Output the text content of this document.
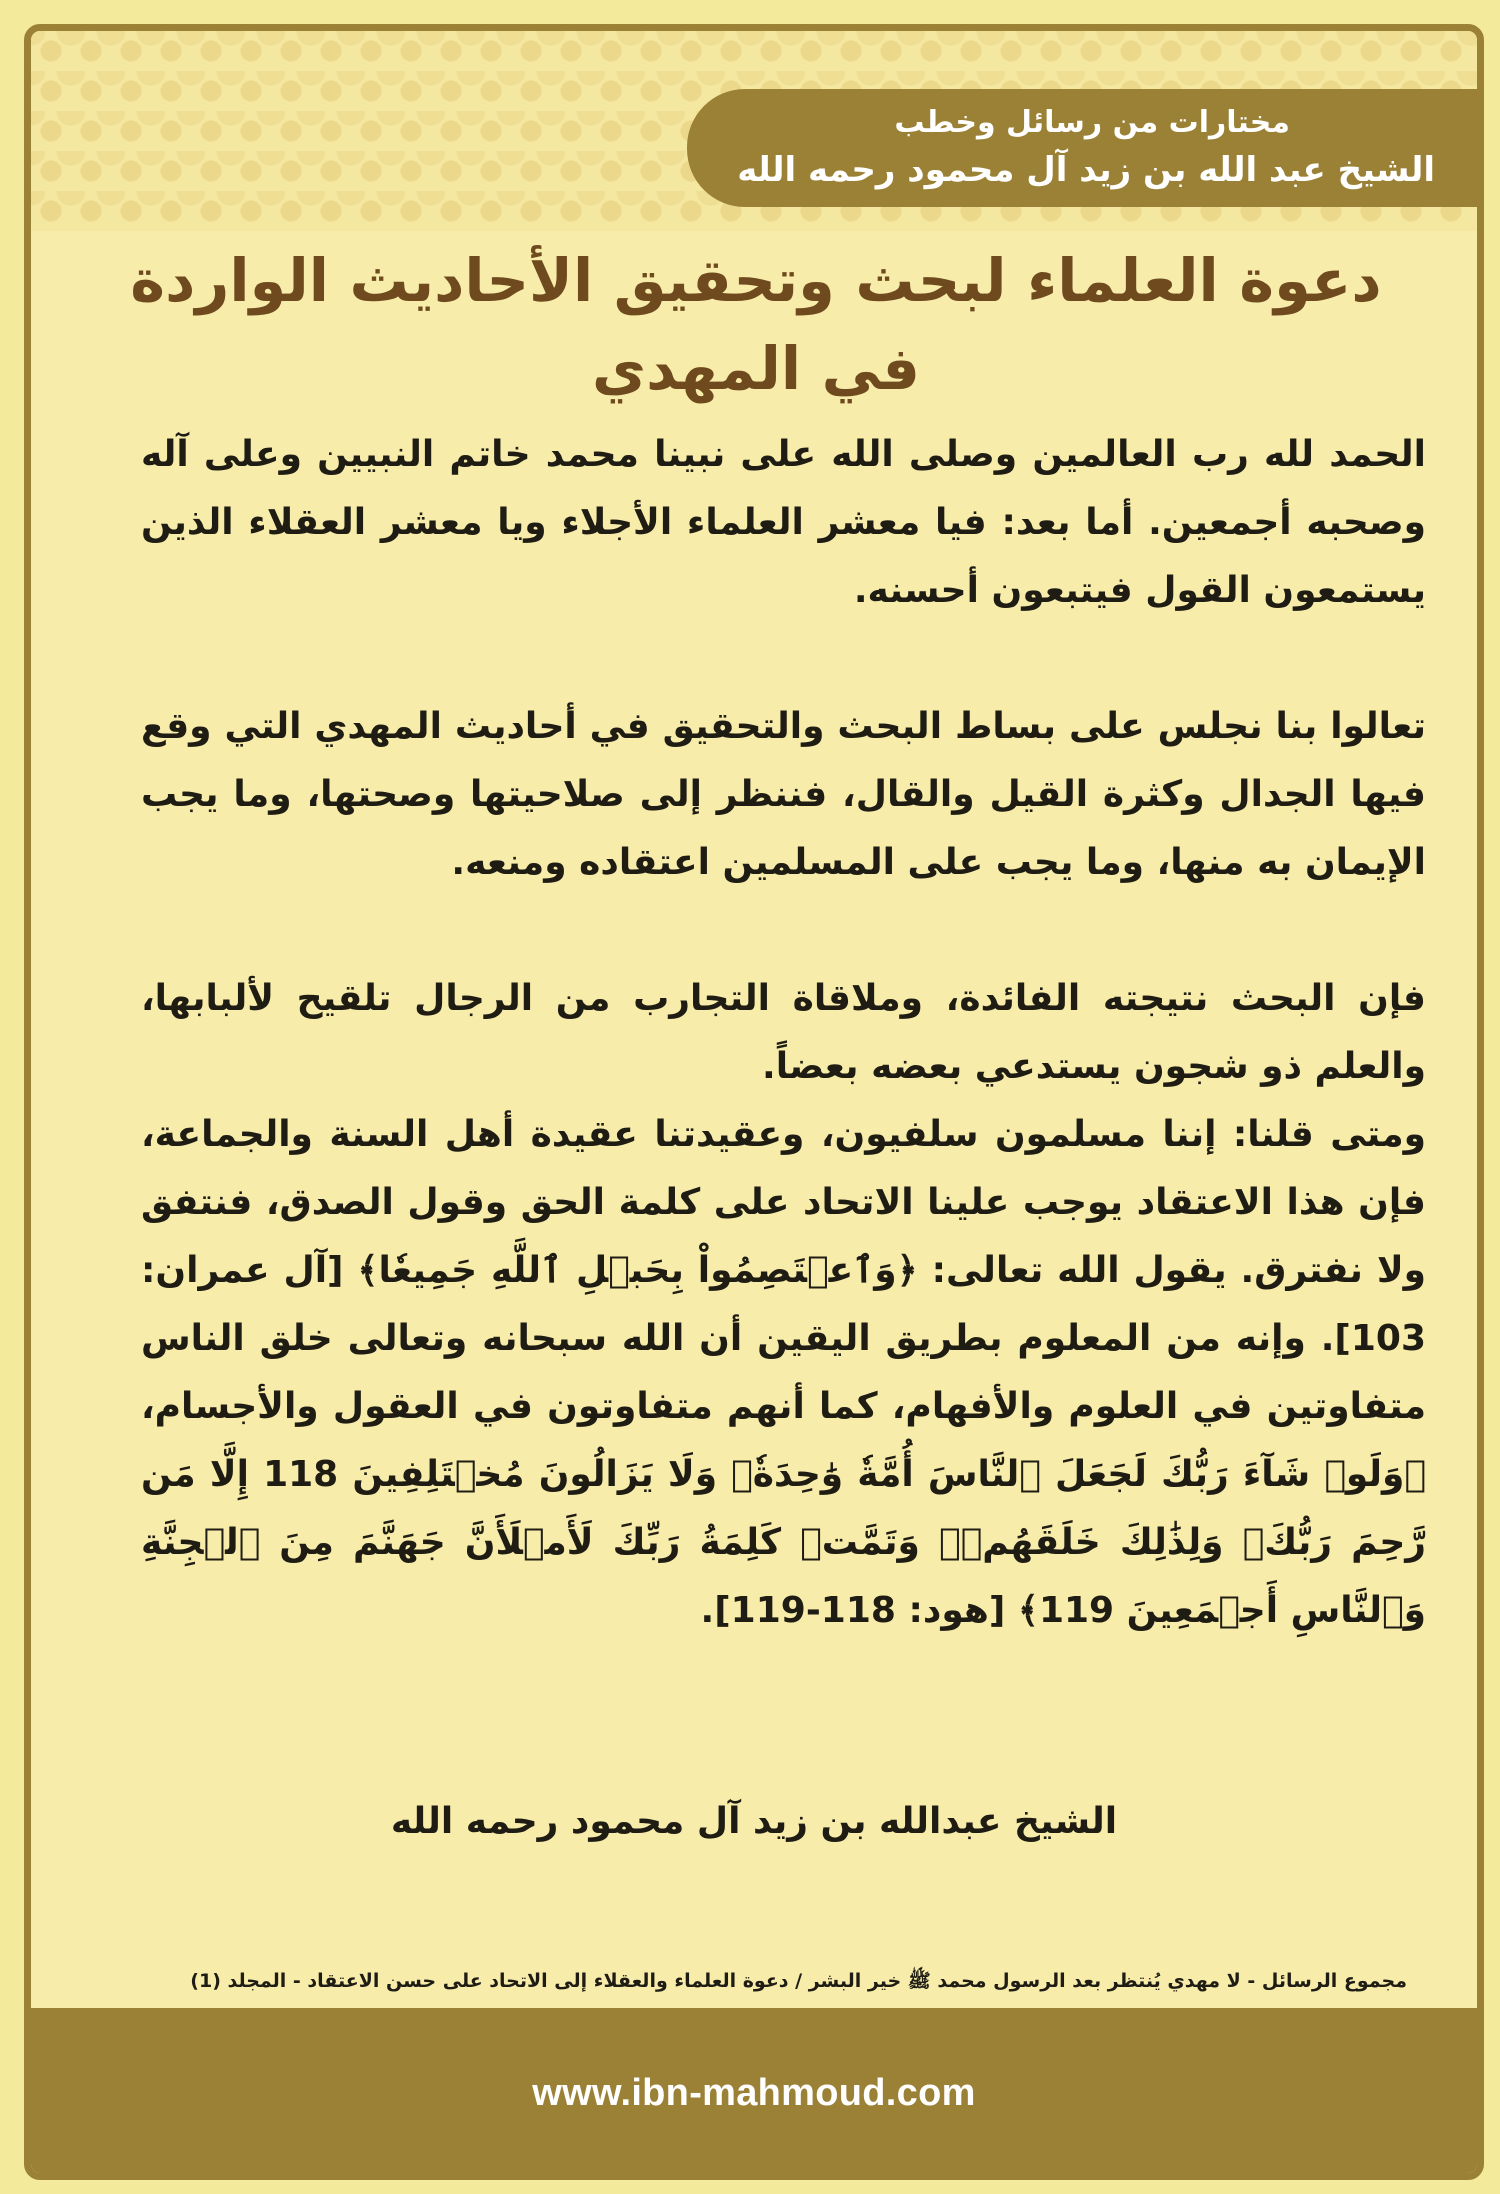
مختارات من رسائل وخطب
الشيخ عبد الله بن زيد آل محمود رحمه الله
دعوة العلماء لبحث وتحقيق الأحاديث الواردة في المهدي

الحمد لله رب العالمين وصلى الله على نبينا محمد خاتم النبيين وعلى آله وصحبه أجمعين. أما بعد: فيا معشر العلماء الأجلاء ويا معشر العقلاء الذين يستمعون القول فيتبعون أحسنه.

تعالوا بنا نجلس على بساط البحث والتحقيق في أحاديث المهدي التي وقع فيها الجدال وكثرة القيل والقال، فننظر إلى صلاحيتها وصحتها، وما يجب الإيمان به منها، وما يجب على المسلمين اعتقاده ومنعه.

فإن البحث نتيجته الفائدة، وملاقاة التجارب من الرجال تلقيح لألبابها، والعلم ذو شجون يستدعي بعضه بعضاً.

ومتى قلنا: إننا مسلمون سلفيون، وعقيدتنا عقيدة أهل السنة والجماعة، فإن هذا الاعتقاد يوجب علينا الاتحاد على كلمة الحق وقول الصدق، فنتفق ولا نفترق. يقول الله تعالى: ﴿وَٱعۡتَصِمُواْ بِحَبۡلِ ٱللَّهِ جَمِيعٗا﴾ [آل عمران: 103]. وإنه من المعلوم بطريق اليقين أن الله سبحانه وتعالى خلق الناس متفاوتين في العلوم والأفهام، كما أنهم متفاوتون في العقول والأجسام، ﴿وَلَوۡ شَآءَ رَبُّكَ لَجَعَلَ ٱلنَّاسَ أُمَّةٗ وَٰحِدَةٗۖ وَلَا يَزَالُونَ مُخۡتَلِفِينَ 118 إِلَّا مَن رَّحِمَ رَبُّكَۚ وَلِذَٰلِكَ خَلَقَهُمۡۗ وَتَمَّتۡ كَلِمَةُ رَبِّكَ لَأَمۡلَأَنَّ جَهَنَّمَ مِنَ ٱلۡجِنَّةِ وَٱلنَّاسِ أَجۡمَعِينَ 119﴾ [هود: 118-119].

الشيخ عبدالله بن زيد آل محمود رحمه الله
مجموع الرسائل - لا مهدي يُنتظر بعد الرسول محمد ﷺ خير البشر / دعوة العلماء والعقلاء إلى الاتحاد على حسن الاعتقاد - المجلد (1)
www.ibn-mahmoud.com
